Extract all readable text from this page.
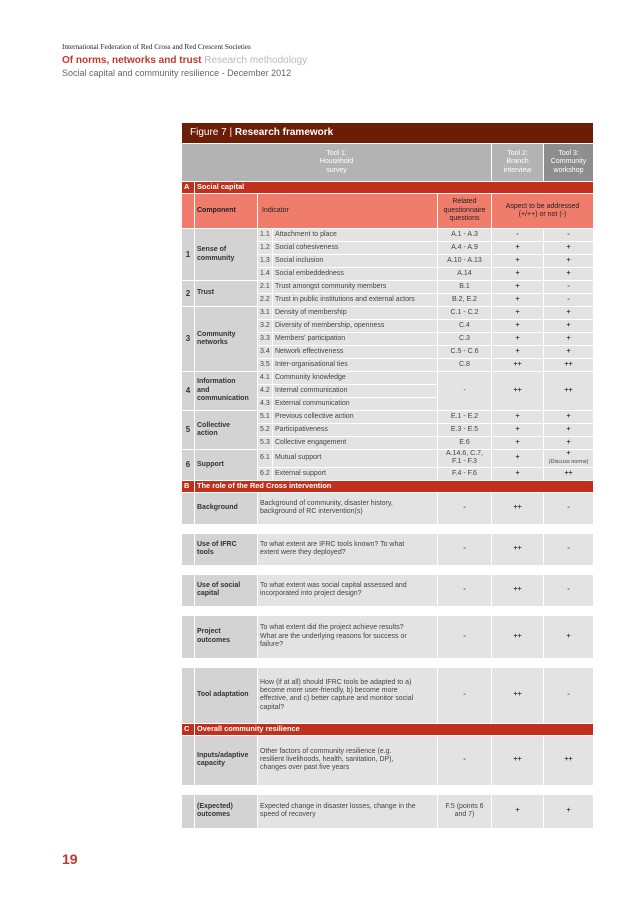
International Federation of Red Cross and Red Crescent Societies
Of norms, networks and trust Research methodology
Social capital and community resilience - December 2012
Figure 7 | Research framework						
Tool 1:
Household
survey					Tool 2:
Branch
interview	Tool 3:
Community
workshop
A	Social capital					
	Component	Indicator		Related
questionnaire
questions	Aspect to be addressed
(+/++) or not (-)	
1	Sense of
community	1.1	Attachment to place	A.1 - A.3	-	-
		1.2	Social cohesiveness	A.4 - A.9	+	+
		1.3	Social inclusion	A.10 - A.13	+	+
		1.4	Social embeddedness	A.14	+	+
2	Trust	2.1	Trust amongst community members	B.1	+	-
		2.2	Trust in public institutions and external actors	B.2, E.2	+	-
3	Community
networks	3.1	Density of membership	C.1 - C.2	+	+
		3.2	Diversity of membership, openness	C.4	+	+
		3.3	Members' participation	C.3	+	+
		3.4	Network effectiveness	C.5 - C.6	+	+
		3.5	Inter-organisational ties	C.8	++	++
4	Information
and
communication	4.1	Community knowledge	-	++	++
		4.2	Internal communication			
		4.3	External communication			
5	Collective
action	5.1	Previous collective action	E.1 - E.2	+	+
		5.2	Participativeness	E.3 - E.5	+	+
		5.3	Collective engagement	E.6	+	+
6	Support	6.1	Mutual support	A.14.6, C.7,
F.1 - F.3	+	+
(Discuss norms)
		6.2	External support	F.4 - F.6	+	++
B	The role of the Red Cross intervention					
	Background	Background of community, disaster history,
background of RC intervention(s)		-	++	-

	Use of IFRC
tools	To what extent are IFRC tools known? To what
extent were they deployed?		-	++	-

	Use of social
capital	To what extent was social capital assessed and
incorporated into project design?		-	++	-

	Project
outcomes	To what extent did the project achieve results?
What are the underlying reasons for success or
failure?		-	++	+

	Tool adaptation	How (if at all) should IFRC tools be adapted to a)
become more user-friendly, b) become more
effective, and c) better capture and monitor social
capital?		-	++	-
C	Overall community resilience					
	Inputs/adaptive
capacity	Other factors of community resilience (e.g.
resilient livelihoods, health, sanitation, DP),
changes over past five years		-	++	++

	(Expected)
outcomes	Expected change in disaster losses, change in the
speed of recovery		F.5 (points 6
and 7)	+	+
19
